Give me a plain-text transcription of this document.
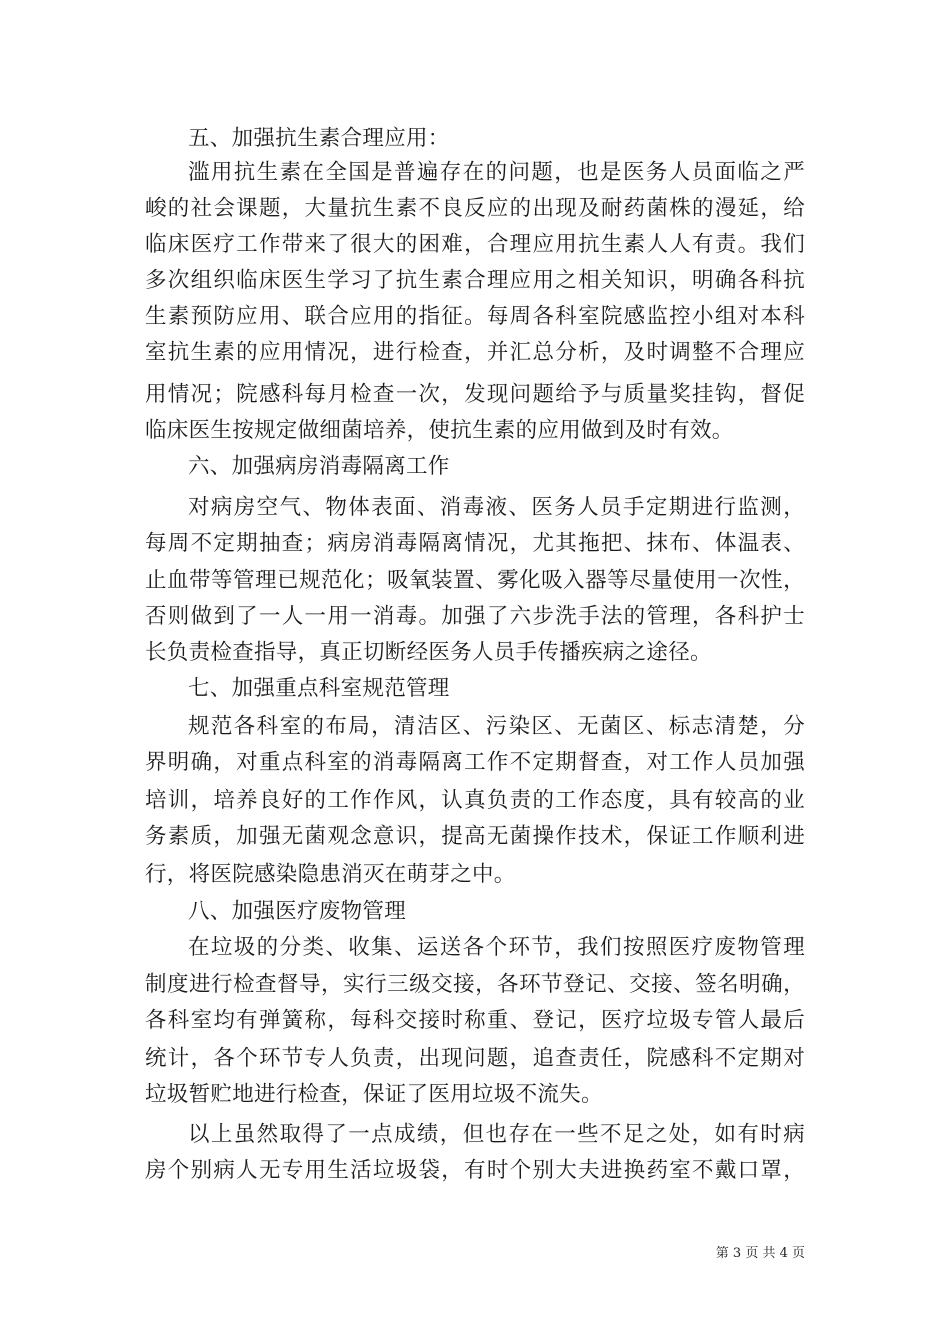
五、加强抗生素合理应用：
滥用抗生素在全国是普遍存在的问题，也是医务人员面临之严
峻的社会课题，大量抗生素不良反应的出现及耐药菌株的漫延，给
临床医疗工作带来了很大的困难，合理应用抗生素人人有责。我们
多次组织临床医生学习了抗生素合理应用之相关知识，明确各科抗
生素预防应用、联合应用的指征。每周各科室院感监控小组对本科
室抗生素的应用情况，进行检查，并汇总分析，及时调整不合理应
用情况；院感科每月检查一次，发现问题给予与质量奖挂钩，督促
临床医生按规定做细菌培养，使抗生素的应用做到及时有效。
六、加强病房消毒隔离工作
对病房空气、物体表面、消毒液、医务人员手定期进行监测，
每周不定期抽查；病房消毒隔离情况，尤其拖把、抹布、体温表、
止血带等管理已规范化；吸氧装置、雾化吸入器等尽量使用一次性，
否则做到了一人一用一消毒。加强了六步洗手法的管理，各科护士
长负责检查指导，真正切断经医务人员手传播疾病之途径。
七、加强重点科室规范管理
规范各科室的布局，清洁区、污染区、无菌区、标志清楚，分
界明确，对重点科室的消毒隔离工作不定期督查，对工作人员加强
培训，培养良好的工作作风，认真负责的工作态度，具有较高的业
务素质，加强无菌观念意识，提高无菌操作技术，保证工作顺利进
行，将医院感染隐患消灭在萌芽之中。
八、加强医疗废物管理
在垃圾的分类、收集、运送各个环节，我们按照医疗废物管理
制度进行检查督导，实行三级交接，各环节登记、交接、签名明确，
各科室均有弹簧称，每科交接时称重、登记，医疗垃圾专管人最后
统计，各个环节专人负责，出现问题，追查责任，院感科不定期对
垃圾暂贮地进行检查，保证了医用垃圾不流失。
以上虽然取得了一点成绩，但也存在一些不足之处，如有时病
房个别病人无专用生活垃圾袋，有时个别大夫进换药室不戴口罩，
第 3 页 共 4 页
